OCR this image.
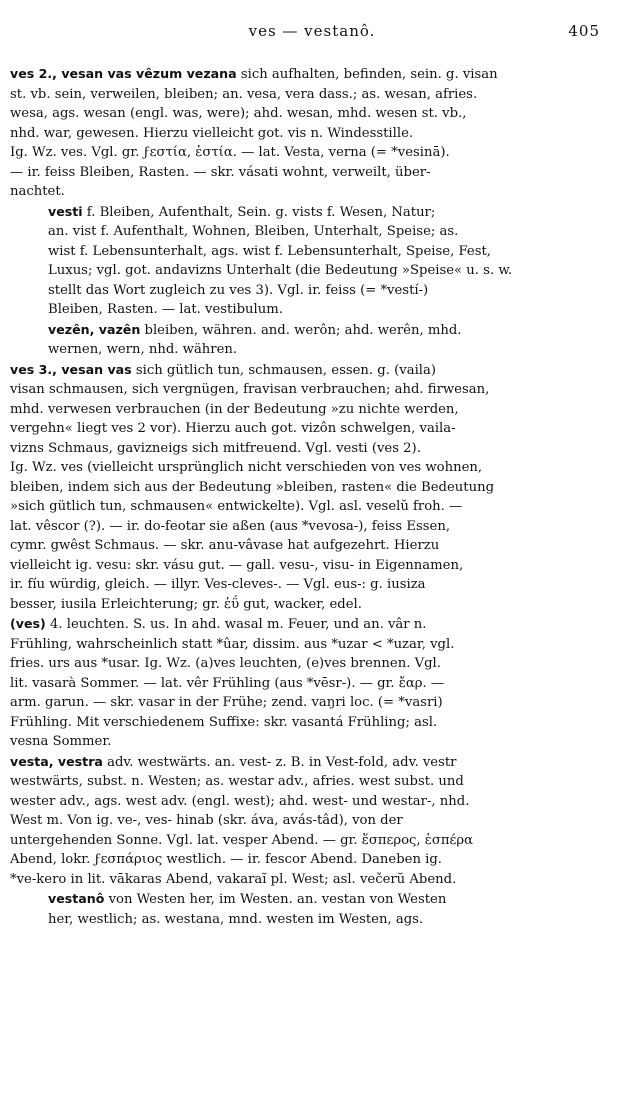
ves — vestanô.	405
ves 2., vesan vas vêzum vezana sich aufhalten, befinden, sein. g. visan
st. vb. sein, verweilen, bleiben; an. vesa, vera dass.; as. wesan, afries.
wesa, ags. wesan (engl. was, were); ahd. wesan, mhd. wesen st. vb.,
nhd. war, gewesen. Hierzu vielleicht got. vis n. Windesstille.
Ig. Wz. ves. Vgl. gr. ϝεστία, ἑστία. — lat. Vesta, verna (= *vesinā).
— ir. feiss Bleiben, Rasten. — skr. vásati wohnt, verweilt, über-
nachtet.
vesti f. Bleiben, Aufenthalt, Sein. g. vists f. Wesen, Natur;
an. vist f. Aufenthalt, Wohnen, Bleiben, Unterhalt, Speise; as.
wist f. Lebensunterhalt, ags. wist f. Lebensunterhalt, Speise, Fest,
Luxus; vgl. got. andavizns Unterhalt (die Bedeutung »Speise« u. s. w.
stellt das Wort zugleich zu ves 3). Vgl. ir. feiss (= *vestí-)
Bleiben, Rasten. — lat. vestibulum.
vezên, vazên bleiben, währen. and. werôn; ahd. werên, mhd.
wernen, wern, nhd. währen.
ves 3., vesan vas sich gütlich tun, schmausen, essen. g. (vaila)
visan schmausen, sich vergnügen, fravisan verbrauchen; ahd. firwesan,
mhd. verwesen verbrauchen (in der Bedeutung »zu nichte werden,
vergehn« liegt ves 2 vor). Hierzu auch got. vizôn schwelgen, vaila-
vizns Schmaus, gavizneigs sich mitfreuend. Vgl. vesti (ves 2).
Ig. Wz. ves (vielleicht ursprünglich nicht verschieden von ves wohnen,
bleiben, indem sich aus der Bedeutung »bleiben, rasten« die Bedeutung
»sich gütlich tun, schmausen« entwickelte). Vgl. asl. veselŭ froh. —
lat. vêscor (?). — ir. do-feotar sie aßen (aus *vevosa-), feiss Essen,
cymr. gwêst Schmaus. — skr. anu-vâvase hat aufgezehrt. Hierzu
vielleicht ig. vesu: skr. vásu gut. — gall. vesu-, visu- in Eigennamen,
ir. fíu würdig, gleich. — illyr. Ves-cleves-. — Vgl. eus-: g. iusiza
besser, iusila Erleichterung; gr. ἐΰ gut, wacker, edel.
(ves) 4. leuchten. S. us. In ahd. wasal m. Feuer, und an. vâr n.
Frühling, wahrscheinlich statt *ûar, dissim. aus *uzar < *uzar, vgl.
fries. urs aus *usar. Ig. Wz. (a)ves leuchten, (e)ves brennen. Vgl.
lit. vasarà Sommer. — lat. vêr Frühling (aus *vēsr-). — gr. ἔαρ. —
arm. garun. — skr. vasar in der Frühe; zend. vaŋri loc. (= *vasri)
Frühling. Mit verschiedenem Suffixe: skr. vasantá Frühling; asl.
vesna Sommer.
vesta, vestra adv. westwärts. an. vest- z. B. in Vest-fold, adv. vestr
westwärts, subst. n. Westen; as. westar adv., afries. west subst. und
wester adv., ags. west adv. (engl. west); ahd. west- und westar-, nhd.
West m. Von ig. ve-, ves- hinab (skr. áva, avás-tâd), von der
untergehenden Sonne. Vgl. lat. vesper Abend. — gr. ἕσπερος, ἑσπέρα
Abend, lokr. ϝεσπάριος westlich. — ir. fescor Abend. Daneben ig.
*ve-kero in lit. vākaras Abend, vakaraĩ pl. West; asl. večerŭ Abend.
vestanô von Westen her, im Westen. an. vestan von Westen
her, westlich; as. westana, mnd. westen im Westen, ags.
